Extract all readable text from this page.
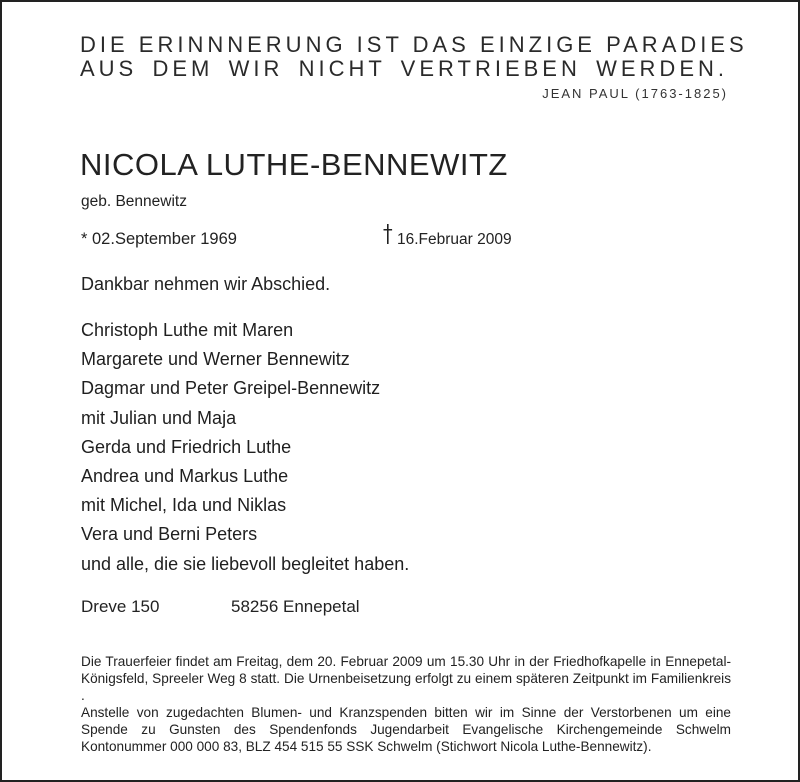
DIE ERINNNERUNG IST DAS EINZIGE PARADIES
AUS DEM WIR NICHT VERTRIEBEN WERDEN.
JEAN PAUL (1763-1825)
NICOLA LUTHE-BENNEWITZ
geb. Bennewitz
* 02.September 1969	16.Februar 2009
Dankbar nehmen wir Abschied.
Christoph Luthe mit Maren
Margarete und Werner Bennewitz
Dagmar und Peter Greipel-Bennewitz
mit Julian und Maja
Gerda und Friedrich Luthe
Andrea und Markus Luthe
mit Michel, Ida und Niklas
Vera und Berni Peters
und alle, die sie liebevoll begleitet haben.
Dreve 150	58256 Ennepetal

Die Trauerfeier findet am Freitag, dem 20. Februar 2009 um 15.30 Uhr in der Friedhofkapelle in Ennepetal-Königsfeld, Spreeler Weg 8 statt. Die Urnenbeisetzung erfolgt zu einem späteren Zeitpunkt im Familienkreis .

Anstelle von zugedachten Blumen- und Kranzspenden bitten wir im Sinne der Verstorbenen um eine Spende zu Gunsten des Spendenfonds Jugendarbeit Evangelische Kirchengemeinde Schwelm Kontonummer 000 000 83, BLZ 454 515 55 SSK Schwelm (Stichwort Nicola Luthe-Bennewitz).
